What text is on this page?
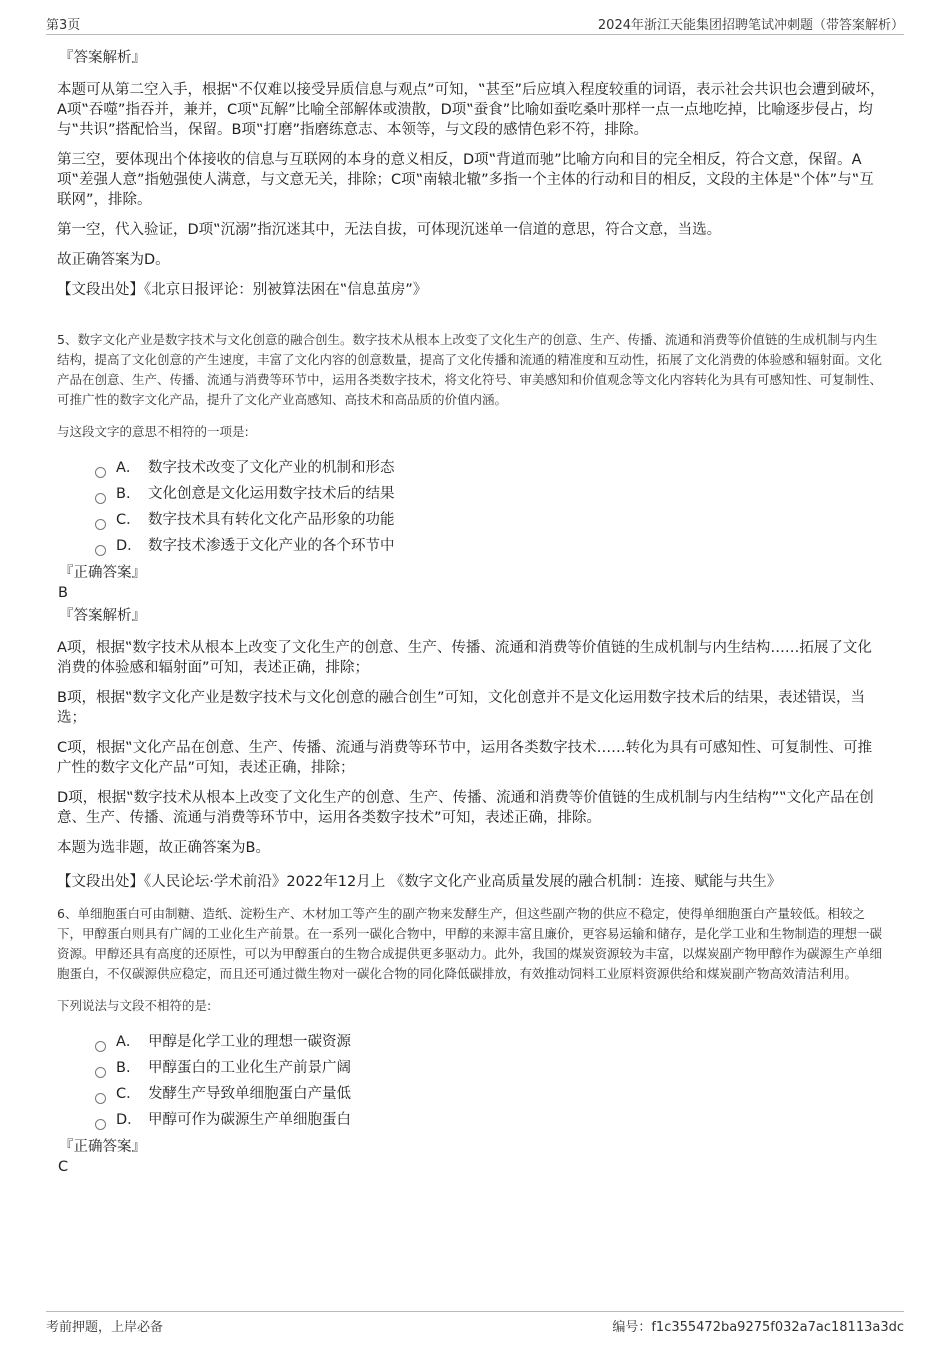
第3页	2024年浙江天能集团招聘笔试冲刺题（带答案解析）
『答案解析』
本题可从第二空入手，根据‟不仅难以接受异质信息与观点”可知，‟甚至”后应填入程度较重的词语，表示社会共识也会遭到破坏，A项‟吞噬”指吞并，兼并，C项‟瓦解”比喻全部解体或溃散，D项‟蚕食”比喻如蚕吃桑叶那样一点一点地吃掉，比喻逐步侵占，均与‟共识”搭配恰当，保留。B项‟打磨”指磨练意志、本领等，与文段的感情色彩不符，排除。
第三空，要体现出个体接收的信息与互联网的本身的意义相反，D项‟背道而驰”比喻方向和目的完全相反，符合文意，保留。A项‟差强人意”指勉强使人满意，与文意无关，排除；C项‟南辕北辙”多指一个主体的行动和目的相反，文段的主体是‟个体”与‟互联网”，排除。
第一空，代入验证，D项‟沉溺”指沉迷其中，无法自拔，可体现沉迷单一信道的意思，符合文意，当选。
故正确答案为D。
【文段出处】《北京日报评论：别被算法困在‟信息茧房”》
5、数字文化产业是数字技术与文化创意的融合创生。数字技术从根本上改变了文化生产的创意、生产、传播、流通和消费等价值链的生成机制与内生结构，提高了文化创意的产生速度，丰富了文化内容的创意数量，提高了文化传播和流通的精准度和互动性，拓展了文化消费的体验感和辐射面。文化产品在创意、生产、传播、流通与消费等环节中，运用各类数字技术，将文化符号、审美感知和价值观念等文化内容转化为具有可感知性、可复制性、可推广性的数字文化产品，提升了文化产业高感知、高技术和高品质的价值内涵。
与这段文字的意思不相符的一项是:
A． 数字技术改变了文化产业的机制和形态
B.	文化创意是文化运用数字技术后的结果
C． 数字技术具有转化文化产品形象的功能
D． 数字技术渗透于文化产业的各个环节中
『正确答案』
B
『答案解析』
A项，根据‟数字技术从根本上改变了文化生产的创意、生产、传播、流通和消费等价值链的生成机制与内生结构……拓展了文化消费的体验感和辐射面”可知，表述正确，排除；
B项，根据‟数字文化产业是数字技术与文化创意的融合创生”可知，文化创意并不是文化运用数字技术后的结果，表述错误，当选；
C项，根据‟文化产品在创意、生产、传播、流通与消费等环节中，运用各类数字技术……转化为具有可感知性、可复制性、可推广性的数字文化产品”可知，表述正确，排除；
D项，根据‟数字技术从根本上改变了文化生产的创意、生产、传播、流通和消费等价值链的生成机制与内生结构”‟文化产品在创意、生产、传播、流通与消费等环节中，运用各类数字技术”可知，表述正确，排除。
本题为选非题，故正确答案为B。
【文段出处】《人民论坛·学术前沿》2022年12月上 《数字文化产业高质量发展的融合机制：连接、赋能与共生》
6、单细胞蛋白可由制糖、造纸、淀粉生产、木材加工等产生的副产物来发酵生产，但这些副产物的供应不稳定，使得单细胞蛋白产量较低。相较之下，甲醇蛋白则具有广阔的工业化生产前景。在一系列一碳化合物中，甲醇的来源丰富且廉价，更容易运输和储存，是化学工业和生物制造的理想一碳资源。甲醇还具有高度的还原性，可以为甲醇蛋白的生物合成提供更多驱动力。此外，我国的煤炭资源较为丰富，以煤炭副产物甲醇作为碳源生产单细胞蛋白，不仅碳源供应稳定，而且还可通过微生物对一碳化合物的同化降低碳排放，有效推动饲料工业原料资源供给和煤炭副产物高效清洁利用。
下列说法与文段不相符的是:
A． 甲醇是化学工业的理想一碳资源
B.	甲醇蛋白的工业化生产前景广阔
C． 发酵生产导致单细胞蛋白产量低
D． 甲醇可作为碳源生产单细胞蛋白
『正确答案』
C
考前押题，上岸必备	编号：f1c355472ba9275f032a7ac18113a3dc
